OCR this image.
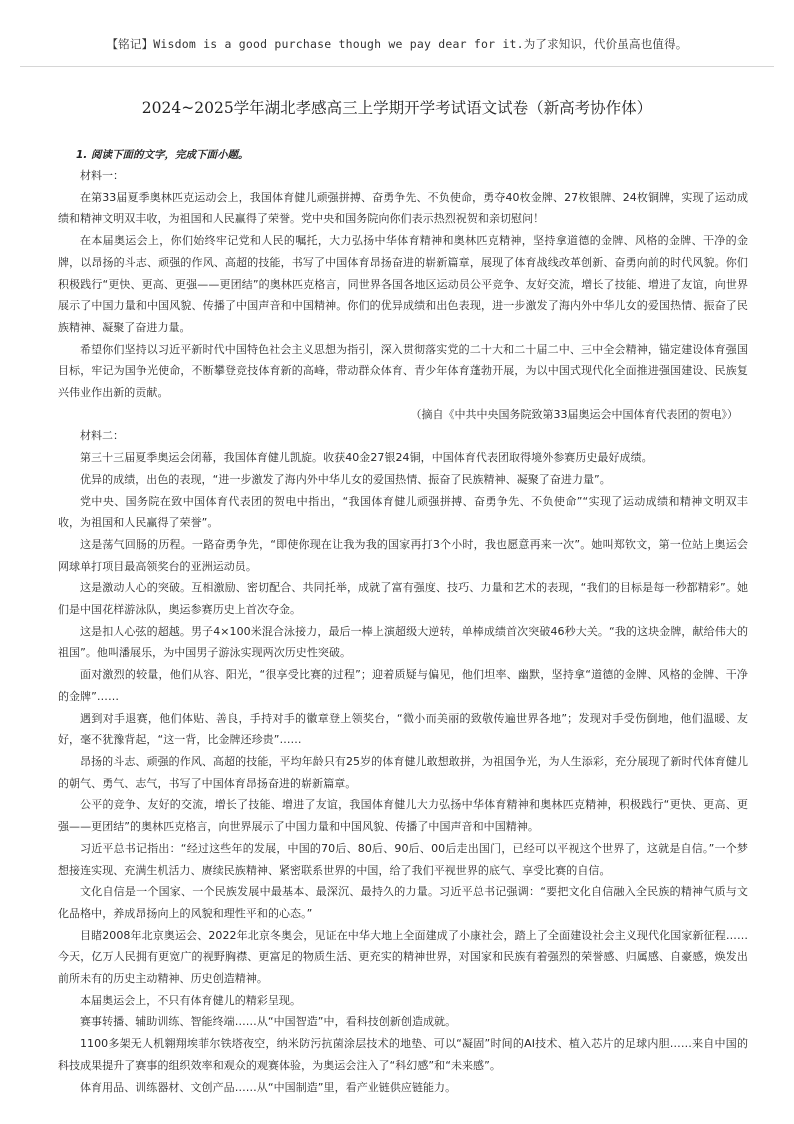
【铭记】Wisdom is a good purchase though we pay dear for it.为了求知识，代价虽高也值得。
2024~2025学年湖北孝感高三上学期开学考试语文试卷（新高考协作体）
1. 阅读下面的文字，完成下面小题。

材料一：

在第33届夏季奥林匹克运动会上，我国体育健儿顽强拼搏、奋勇争先、不负使命，勇夺40枚金牌、27枚银牌、24枚铜牌，实现了运动成绩和精神文明双丰收，为祖国和人民赢得了荣誉。党中央和国务院向你们表示热烈祝贺和亲切慰问！

在本届奥运会上，你们始终牢记党和人民的嘱托，大力弘扬中华体育精神和奥林匹克精神，坚持拿道德的金牌、风格的金牌、干净的金牌，以昂扬的斗志、顽强的作风、高超的技能，书写了中国体育昂扬奋进的崭新篇章，展现了体育战线改革创新、奋勇向前的时代风貌。你们积极践行“更快、更高、更强——更团结”的奥林匹克格言，同世界各国各地区运动员公平竞争、友好交流，增长了技能、增进了友谊，向世界展示了中国力量和中国风貌、传播了中国声音和中国精神。你们的优异成绩和出色表现，进一步激发了海内外中华儿女的爱国热情、振奋了民族精神、凝聚了奋进力量。

希望你们坚持以习近平新时代中国特色社会主义思想为指引，深入贯彻落实党的二十大和二十届二中、三中全会精神，锚定建设体育强国目标，牢记为国争光使命，不断攀登竞技体育新的高峰，带动群众体育、青少年体育蓬勃开展，为以中国式现代化全面推进强国建设、民族复兴伟业作出新的贡献。

（摘自《中共中央国务院致第33届奥运会中国体育代表团的贺电》）

材料二：

第三十三届夏季奥运会闭幕，我国体育健儿凯旋。收获40金27银24铜，中国体育代表团取得境外参赛历史最好成绩。

优异的成绩，出色的表现，“进一步激发了海内外中华儿女的爱国热情、振奋了民族精神、凝聚了奋进力量”。

党中央、国务院在致中国体育代表团的贺电中指出，“我国体育健儿顽强拼搏、奋勇争先、不负使命”“实现了运动成绩和精神文明双丰收，为祖国和人民赢得了荣誉”。

这是荡气回肠的历程。一路奋勇争先，“即使你现在让我为我的国家再打3个小时，我也愿意再来一次”。她叫郑钦文，第一位站上奥运会网球单打项目最高领奖台的亚洲运动员。

这是激动人心的突破。互相激励、密切配合、共同托举，成就了富有强度、技巧、力量和艺术的表现，“我们的目标是每一秒都精彩”。她们是中国花样游泳队，奥运参赛历史上首次夺金。

这是扣人心弦的超越。男子4×100米混合泳接力，最后一棒上演超级大逆转，单棒成绩首次突破46秒大关。“我的这块金牌，献给伟大的祖国”。他叫潘展乐，为中国男子游泳实现两次历史性突破。

面对激烈的较量，他们从容、阳光，“很享受比赛的过程”；迎着质疑与偏见，他们坦率、幽默，坚持拿“道德的金牌、风格的金牌、干净的金牌”……

遇到对手退赛，他们体贴、善良，手持对手的徽章登上领奖台，“微小而美丽的致敬传遍世界各地”；发现对手受伤倒地，他们温暖、友好，毫不犹豫背起，“这一背，比金牌还珍贵”……

昂扬的斗志、顽强的作风、高超的技能，平均年龄只有25岁的体育健儿敢想敢拼，为祖国争光，为人生添彩，充分展现了新时代体育健儿的朝气、勇气、志气，书写了中国体育昂扬奋进的崭新篇章。

公平的竞争、友好的交流，增长了技能、增进了友谊，我国体育健儿大力弘扬中华体育精神和奥林匹克精神，积极践行“更快、更高、更强——更团结”的奥林匹克格言，向世界展示了中国力量和中国风貌、传播了中国声音和中国精神。

习近平总书记指出：“经过这些年的发展，中国的70后、80后、90后、00后走出国门，已经可以平视这个世界了，这就是自信。”一个梦想接连实现、充满生机活力、赓续民族精神、紧密联系世界的中国，给了我们平视世界的底气、享受比赛的自信。

文化自信是一个国家、一个民族发展中最基本、最深沉、最持久的力量。习近平总书记强调：“要把文化自信融入全民族的精神气质与文化品格中，养成昂扬向上的风貌和理性平和的心态。”

目睹2008年北京奥运会、2022年北京冬奥会，见证在中华大地上全面建成了小康社会，踏上了全面建设社会主义现代化国家新征程……今天，亿万人民拥有更宽广的视野胸襟、更富足的物质生活、更充实的精神世界，对国家和民族有着强烈的荣誉感、归属感、自豪感，焕发出前所未有的历史主动精神、历史创造精神。

本届奥运会上，不只有体育健儿的精彩呈现。

赛事转播、辅助训练、智能终端……从“中国智造”中，看科技创新创造成就。

1100多架无人机翱翔埃菲尔铁塔夜空，纳米防污抗菌涂层技术的地垫、可以“凝固”时间的AI技术、植入芯片的足球内胆……来自中国的科技成果提升了赛事的组织效率和观众的观赛体验，为奥运会注入了“科幻感”和“未来感”。

体育用品、训练器材、文创产品……从“中国制造”里，看产业链供应链能力。
